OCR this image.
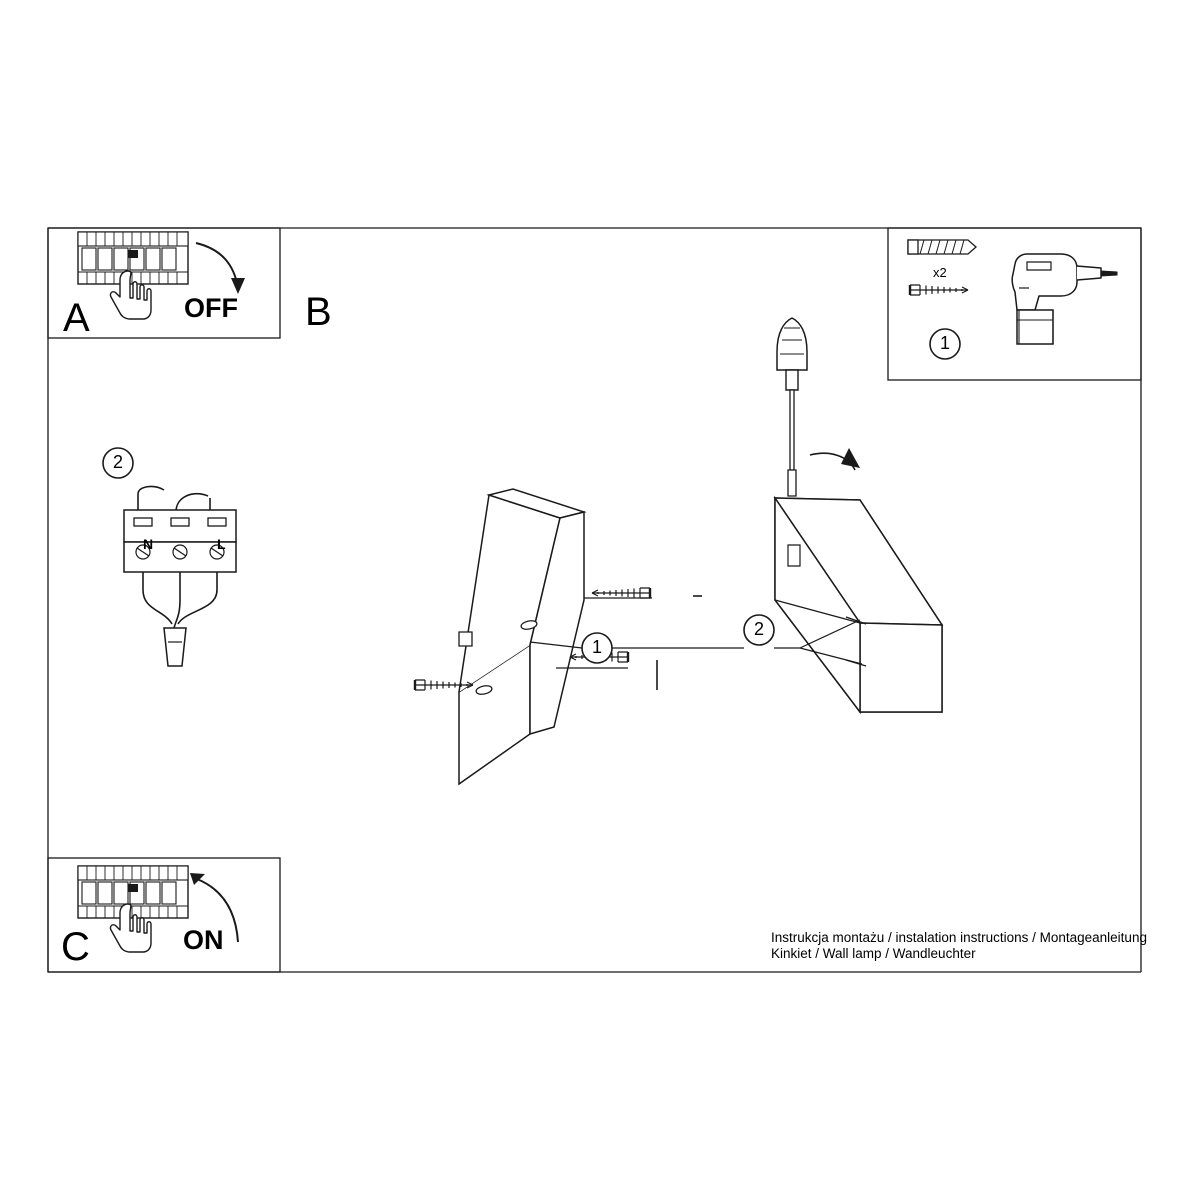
A	OFF B
C	ON
1
x2
2
1
2
N	L
Instrukcja montażu / instalation instructions / Montageanleitung
Kinkiet / Wall lamp / Wandleuchter
